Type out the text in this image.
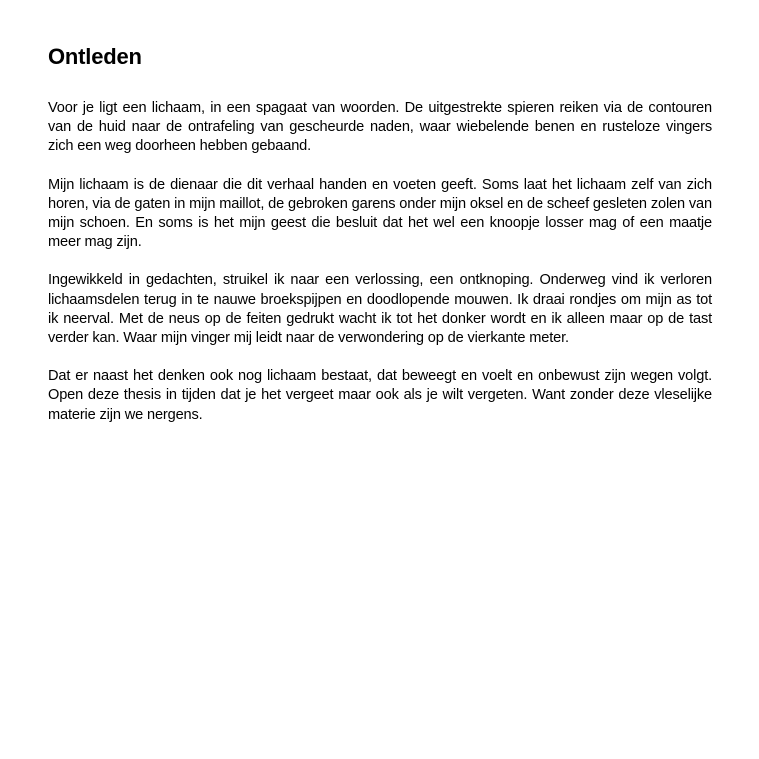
Ontleden

Voor je ligt een lichaam, in een spagaat van woorden. De uitgestrekte spieren reiken via de contouren van de huid naar de ontrafeling van gescheurde naden, waar wiebelende benen en rusteloze vingers zich een weg doorheen hebben gebaand.

Mijn lichaam is de dienaar die dit verhaal handen en voeten geeft. Soms laat het lichaam zelf van zich horen, via de gaten in mijn maillot, de gebroken garens onder mijn oksel en de scheef gesleten zolen van mijn schoen. En soms is het mijn geest die besluit dat het wel een knoopje losser mag of een maatje meer mag zijn.

Ingewikkeld in gedachten, struikel ik naar een verlossing, een ontknoping. Onderweg vind ik verloren lichaamsdelen terug in te nauwe broekspijpen en doodlopende mouwen. Ik draai rondjes om mijn as tot ik neerval. Met de neus op de feiten gedrukt wacht ik tot het donker wordt en ik alleen maar op de tast verder kan. Waar mijn vinger mij leidt naar de verwondering op de vierkante meter.

Dat er naast het denken ook nog lichaam bestaat, dat beweegt en voelt en onbewust zijn wegen volgt. Open deze thesis in tijden dat je het vergeet maar ook als je wilt vergeten. Want zonder deze vleselijke materie zijn we nergens.
